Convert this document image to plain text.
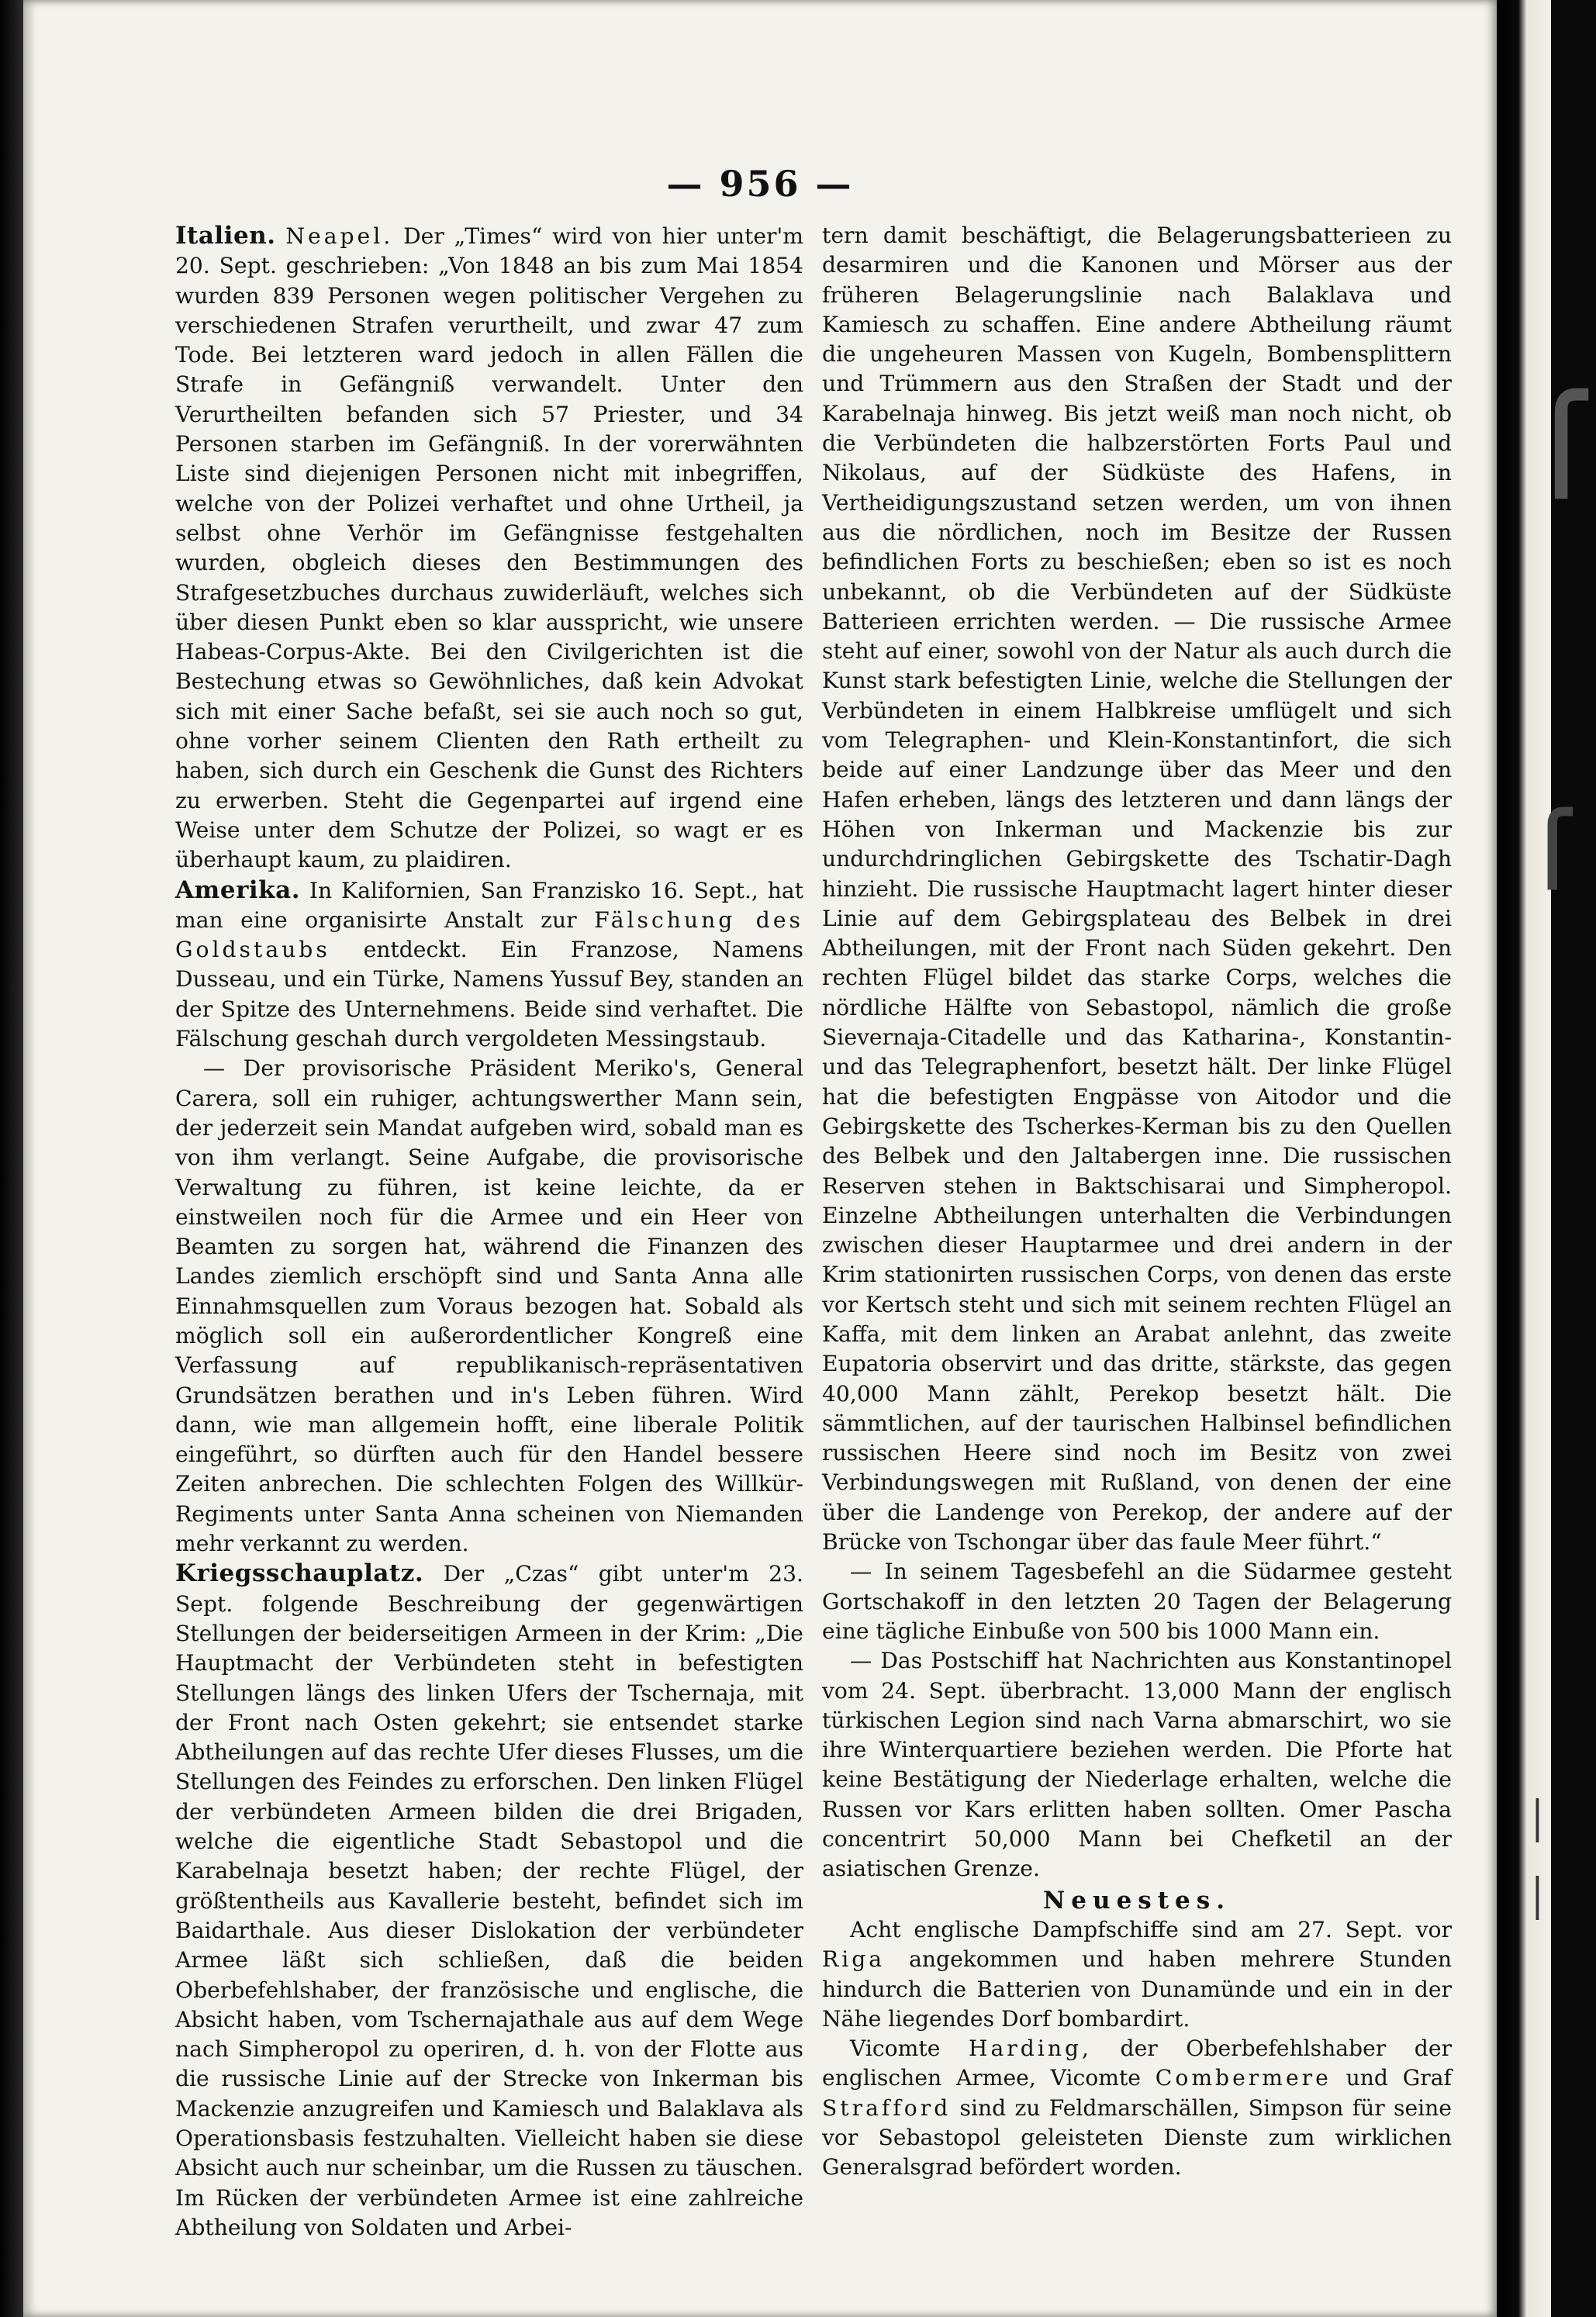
— 956 —

Italien. Neapel. Der „Times“ wird von hier unter'm 20. Sept. geschrieben: „Von 1848 an bis zum Mai 1854 wurden 839 Personen wegen politischer Vergehen zu verschiedenen Strafen verurtheilt, und zwar 47 zum Tode. Bei letzteren ward jedoch in allen Fällen die Strafe in Gefängniß verwandelt. Unter den Verurtheilten befanden sich 57 Priester, und 34 Personen starben im Gefängniß. In der vorerwähnten Liste sind diejenigen Personen nicht mit inbegriffen, welche von der Polizei verhaftet und ohne Urtheil, ja selbst ohne Verhör im Gefängnisse festgehalten wurden, obgleich dieses den Bestimmungen des Strafgesetzbuches durchaus zuwiderläuft, welches sich über diesen Punkt eben so klar ausspricht, wie unsere Habeas-Corpus-Akte. Bei den Civilgerichten ist die Bestechung etwas so Gewöhnliches, daß kein Advokat sich mit einer Sache befaßt, sei sie auch noch so gut, ohne vorher seinem Clienten den Rath ertheilt zu haben, sich durch ein Geschenk die Gunst des Richters zu erwerben. Steht die Gegenpartei auf irgend eine Weise unter dem Schutze der Polizei, so wagt er es überhaupt kaum, zu plaidiren.

Amerika. In Kalifornien, San Franzisko 16. Sept., hat man eine organisirte Anstalt zur Fälschung des Goldstaubs entdeckt. Ein Franzose, Namens Dusseau, und ein Türke, Namens Yussuf Bey, standen an der Spitze des Unternehmens. Beide sind verhaftet. Die Fälschung geschah durch vergoldeten Messingstaub.

— Der provisorische Präsident Meriko's, General Carera, soll ein ruhiger, achtungswerther Mann sein, der jederzeit sein Mandat aufgeben wird, sobald man es von ihm verlangt. Seine Aufgabe, die provisorische Verwaltung zu führen, ist keine leichte, da er einstweilen noch für die Armee und ein Heer von Beamten zu sorgen hat, während die Finanzen des Landes ziemlich erschöpft sind und Santa Anna alle Einnahmsquellen zum Voraus bezogen hat. Sobald als möglich soll ein außerordentlicher Kongreß eine Verfassung auf republikanisch-repräsentativen Grundsätzen berathen und in's Leben führen. Wird dann, wie man allgemein hofft, eine liberale Politik eingeführt, so dürften auch für den Handel bessere Zeiten anbrechen. Die schlechten Folgen des Willkür-Regiments unter Santa Anna scheinen von Niemanden mehr verkannt zu werden.

Kriegsschauplatz. Der „Czas“ gibt unter'm 23. Sept. folgende Beschreibung der gegenwärtigen Stellungen der beiderseitigen Armeen in der Krim: „Die Hauptmacht der Verbündeten steht in befestigten Stellungen längs des linken Ufers der Tschernaja, mit der Front nach Osten gekehrt; sie entsendet starke Abtheilungen auf das rechte Ufer dieses Flusses, um die Stellungen des Feindes zu erforschen. Den linken Flügel der verbündeten Armeen bilden die drei Brigaden, welche die eigentliche Stadt Sebastopol und die Karabelnaja besetzt haben; der rechte Flügel, der größtentheils aus Kavallerie besteht, befindet sich im Baidarthale. Aus dieser Dislokation der verbündeter Armee läßt sich schließen, daß die beiden Oberbefehlshaber, der französische und englische, die Absicht haben, vom Tschernajathale aus auf dem Wege nach Simpheropol zu operiren, d. h. von der Flotte aus die russische Linie auf der Strecke von Inkerman bis Mackenzie anzugreifen und Kamiesch und Balaklava als Operationsbasis festzuhalten. Vielleicht haben sie diese Absicht auch nur scheinbar, um die Russen zu täuschen. Im Rücken der verbündeten Armee ist eine zahlreiche Abtheilung von Soldaten und Arbei-

tern damit beschäftigt, die Belagerungsbatterieen zu desarmiren und die Kanonen und Mörser aus der früheren Belagerungslinie nach Balaklava und Kamiesch zu schaffen. Eine andere Abtheilung räumt die ungeheuren Massen von Kugeln, Bombensplittern und Trümmern aus den Straßen der Stadt und der Karabelnaja hinweg. Bis jetzt weiß man noch nicht, ob die Verbündeten die halbzerstörten Forts Paul und Nikolaus, auf der Südküste des Hafens, in Vertheidigungszustand setzen werden, um von ihnen aus die nördlichen, noch im Besitze der Russen befindlichen Forts zu beschießen; eben so ist es noch unbekannt, ob die Verbündeten auf der Südküste Batterieen errichten werden. — Die russische Armee steht auf einer, sowohl von der Natur als auch durch die Kunst stark befestigten Linie, welche die Stellungen der Verbündeten in einem Halbkreise umflügelt und sich vom Telegraphen- und Klein-Konstantinfort, die sich beide auf einer Landzunge über das Meer und den Hafen erheben, längs des letzteren und dann längs der Höhen von Inkerman und Mackenzie bis zur undurchdringlichen Gebirgskette des Tschatir-Dagh hinzieht. Die russische Hauptmacht lagert hinter dieser Linie auf dem Gebirgsplateau des Belbek in drei Abtheilungen, mit der Front nach Süden gekehrt. Den rechten Flügel bildet das starke Corps, welches die nördliche Hälfte von Sebastopol, nämlich die große Sievernaja-Citadelle und das Katharina-, Konstantin- und das Telegraphenfort, besetzt hält. Der linke Flügel hat die befestigten Engpässe von Aitodor und die Gebirgskette des Tscherkes-Kerman bis zu den Quellen des Belbek und den Jaltabergen inne. Die russischen Reserven stehen in Baktschisarai und Simpheropol. Einzelne Abtheilungen unterhalten die Verbindungen zwischen dieser Hauptarmee und drei andern in der Krim stationirten russischen Corps, von denen das erste vor Kertsch steht und sich mit seinem rechten Flügel an Kaffa, mit dem linken an Arabat anlehnt, das zweite Eupatoria observirt und das dritte, stärkste, das gegen 40,000 Mann zählt, Perekop besetzt hält. Die sämmtlichen, auf der taurischen Halbinsel befindlichen russischen Heere sind noch im Besitz von zwei Verbindungswegen mit Rußland, von denen der eine über die Landenge von Perekop, der andere auf der Brücke von Tschongar über das faule Meer führt.“

— In seinem Tagesbefehl an die Südarmee gesteht Gortschakoff in den letzten 20 Tagen der Belagerung eine tägliche Einbuße von 500 bis 1000 Mann ein.

— Das Postschiff hat Nachrichten aus Konstantinopel vom 24. Sept. überbracht. 13,000 Mann der englisch türkischen Legion sind nach Varna abmarschirt, wo sie ihre Winterquartiere beziehen werden. Die Pforte hat keine Bestätigung der Niederlage erhalten, welche die Russen vor Kars erlitten haben sollten. Omer Pascha concentrirt 50,000 Mann bei Chefketil an der asiatischen Grenze.

Neuestes.

Acht englische Dampfschiffe sind am 27. Sept. vor Riga angekommen und haben mehrere Stunden hindurch die Batterien von Dunamünde und ein in der Nähe liegendes Dorf bombardirt.

Vicomte Harding, der Oberbefehlshaber der englischen Armee, Vicomte Combermere und Graf Strafford sind zu Feldmarschällen, Simpson für seine vor Sebastopol geleisteten Dienste zum wirklichen Generalsgrad befördert worden.

⎧
⎧
│
│
